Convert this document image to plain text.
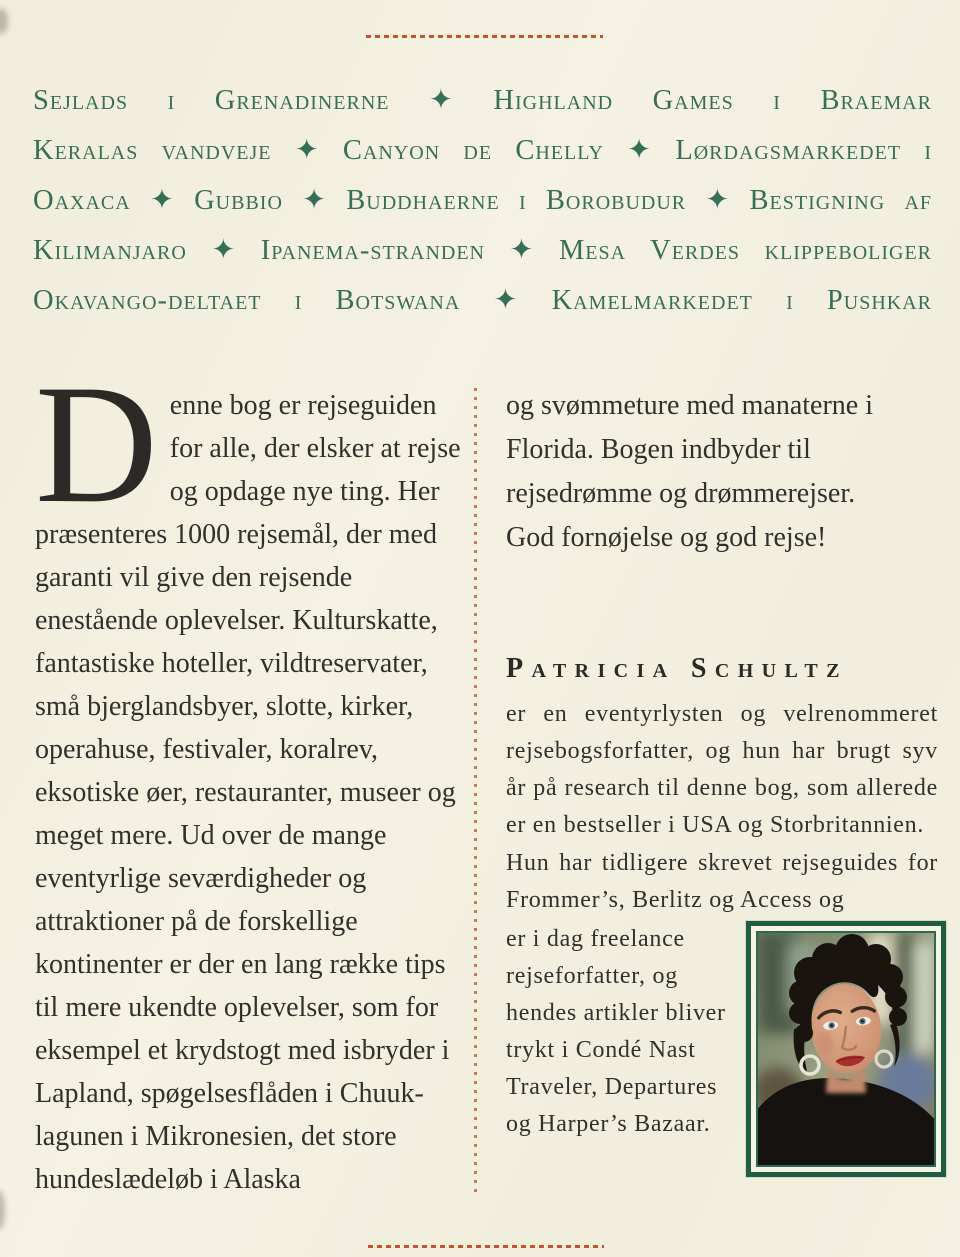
Sejlads i Grenadinerne ✦ Highland Games i Braemar
Keralas vandveje ✦ Canyon de Chelly ✦ Lørdagsmarkedet i
Oaxaca ✦ Gubbio ✦ Buddhaerne i Borobudur ✦ Bestigning af
Kilimanjaro ✦ Ipanema-stranden ✦ Mesa Verdes klippeboliger
Okavango-deltaet i Botswana ✦ Kamelmarkedet i Pushkar
Denne bog er rejseguiden for alle, der elsker at rejse og opdage nye ting. Her præsenteres 1000 rejsemål, der med garanti vil give den rejsende enestående oplevelser. Kulturskatte, fantastiske hoteller, vildtreservater, små bjerglandsbyer, slotte, kirker, operahuse, festivaler, koralrev, eksotiske øer, restauranter, museer og meget mere. Ud over de mange eventyrlige seværdigheder og attraktioner på de forskellige kontinenter er der en lang række tips til mere ukendte oplevelser, som for eksempel et krydstogt med isbryder i Lapland, spøgelsesflåden i Chuuk-lagunen i Mikronesien, det store hundeslædeløb i Alaska
og svømmeture med manaterne i Florida. Bogen indbyder til rejsedrømme og drømmerejser. God fornøjelse og god rejse!
Patricia Schultz
er en eventyrlysten og velrenommeret rejsebogsforfatter, og hun har brugt syv år på research til denne bog, som allerede er en bestseller i USA og Storbritannien.
Hun har tidligere skrevet rejseguides for Frommer’s, Berlitz og Access og
er i dag freelance rejseforfatter, og hendes artikler bliver trykt i Condé Nast Traveler, Departures og Harper’s Bazaar.
